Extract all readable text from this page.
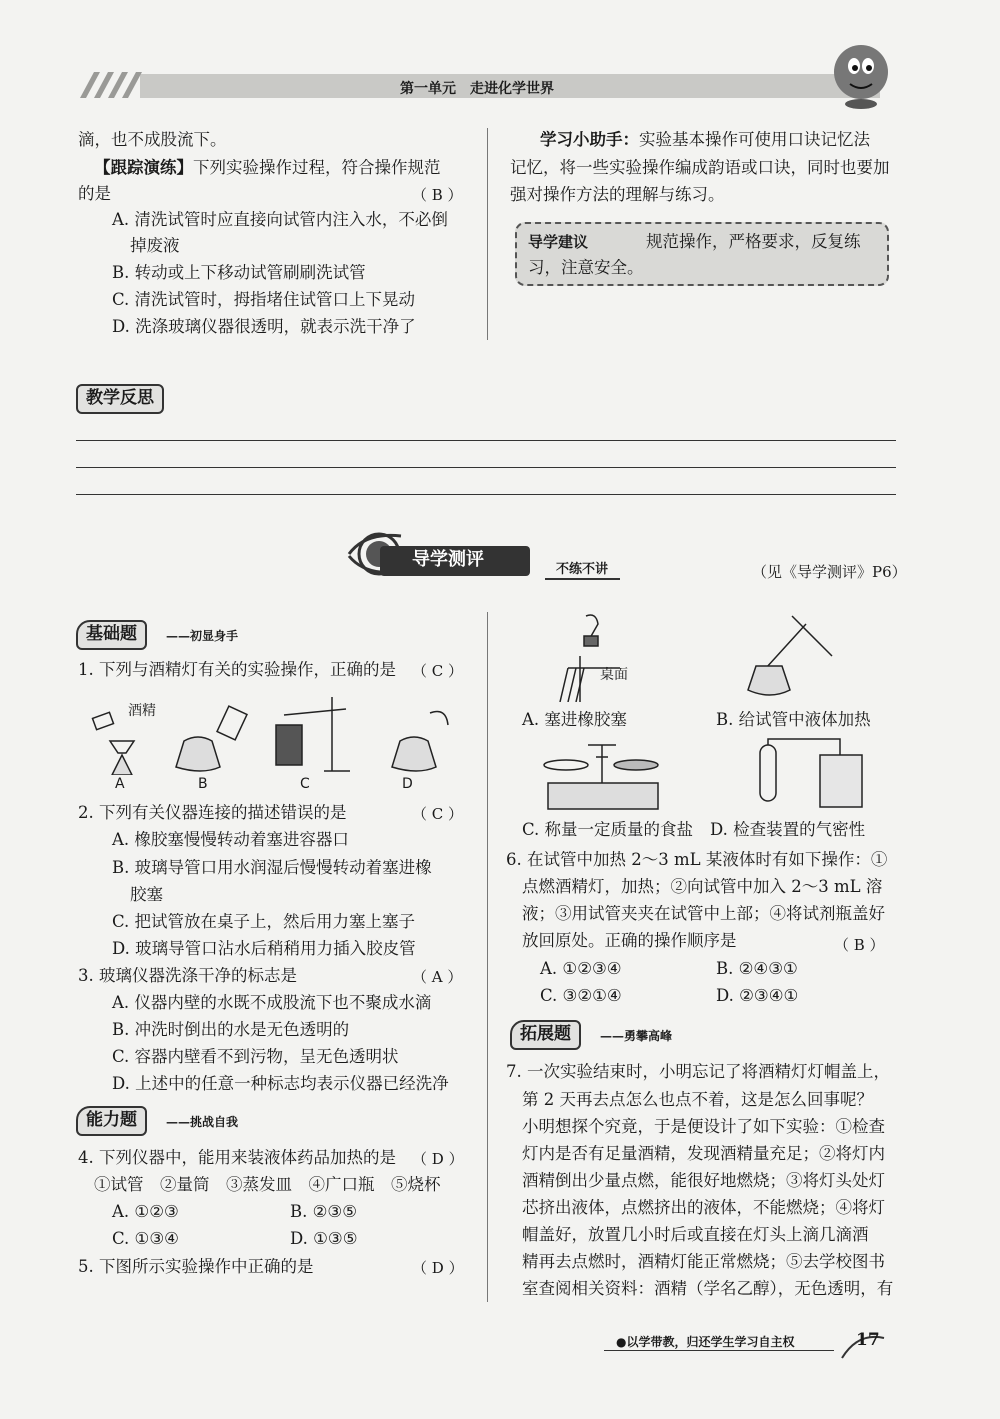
第一单元　走进化学世界
滴，也不成股流下。
【跟踪演练】下列实验操作过程，符合操作规范
的是	（ B ）
A. 清洗试管时应直接向试管内注入水，不必倒
掉废液
B. 转动或上下移动试管刷刷洗试管
C. 清洗试管时，拇指堵住试管口上下晃动
D. 洗涤玻璃仪器很透明，就表示洗干净了
学习小助手：实验基本操作可使用口诀记忆法
记忆，将一些实验操作编成韵语或口诀，同时也要加
强对操作方法的理解与练习。
导学建议	规范操作，严格要求，反复练
习，注意安全。
教学反思
导学测评	不练不讲	（见《导学测评》P6）
基础题	——初显身手
1. 下列与酒精灯有关的实验操作，正确的是 （ C ）
酒精
A	B	C	D
2. 下列有关仪器连接的描述错误的是	（ C ）
A. 橡胶塞慢慢转动着塞进容器口
B. 玻璃导管口用水润湿后慢慢转动着塞进橡
胶塞
C. 把试管放在桌子上，然后用力塞上塞子
D. 玻璃导管口沾水后稍稍用力插入胶皮管
3. 玻璃仪器洗涤干净的标志是	（ A ）
A. 仪器内壁的水既不成股流下也不聚成水滴
B. 冲洗时倒出的水是无色透明的
C. 容器内壁看不到污物，呈无色透明状
D. 上述中的任意一种标志均表示仪器已经洗净
能力题	——挑战自我
4. 下列仪器中，能用来装液体药品加热的是 （ D ）
①试管　②量筒　③蒸发皿　④广口瓶　⑤烧杯
A. ①②③	B. ②③⑤
C. ①③④	D. ①③⑤
5. 下图所示实验操作中正确的是	（ D ）
桌面
A. 塞进橡胶塞	B. 给试管中液体加热
C. 称量一定质量的食盐 D. 检查装置的气密性
6. 在试管中加热 2～3 mL 某液体时有如下操作：①
点燃酒精灯，加热；②向试管中加入 2～3 mL 溶
液；③用试管夹夹在试管中上部；④将试剂瓶盖好
放回原处。正确的操作顺序是	（ B ）
A. ①②③④	B. ②④③①
C. ③②①④	D. ②③④①
拓展题	——勇攀高峰
7. 一次实验结束时，小明忘记了将酒精灯灯帽盖上，
第 2 天再去点怎么也点不着，这是怎么回事呢？
小明想探个究竟，于是便设计了如下实验：①检查
灯内是否有足量酒精，发现酒精量充足；②将灯内
酒精倒出少量点燃，能很好地燃烧；③将灯头处灯
芯挤出液体，点燃挤出的液体，不能燃烧；④将灯
帽盖好，放置几小时后或直接在灯头上滴几滴酒
精再去点燃时，酒精灯能正常燃烧；⑤去学校图书
室查阅相关资料：酒精（学名乙醇），无色透明，有
●以学带教，归还学生学习自主权	17
